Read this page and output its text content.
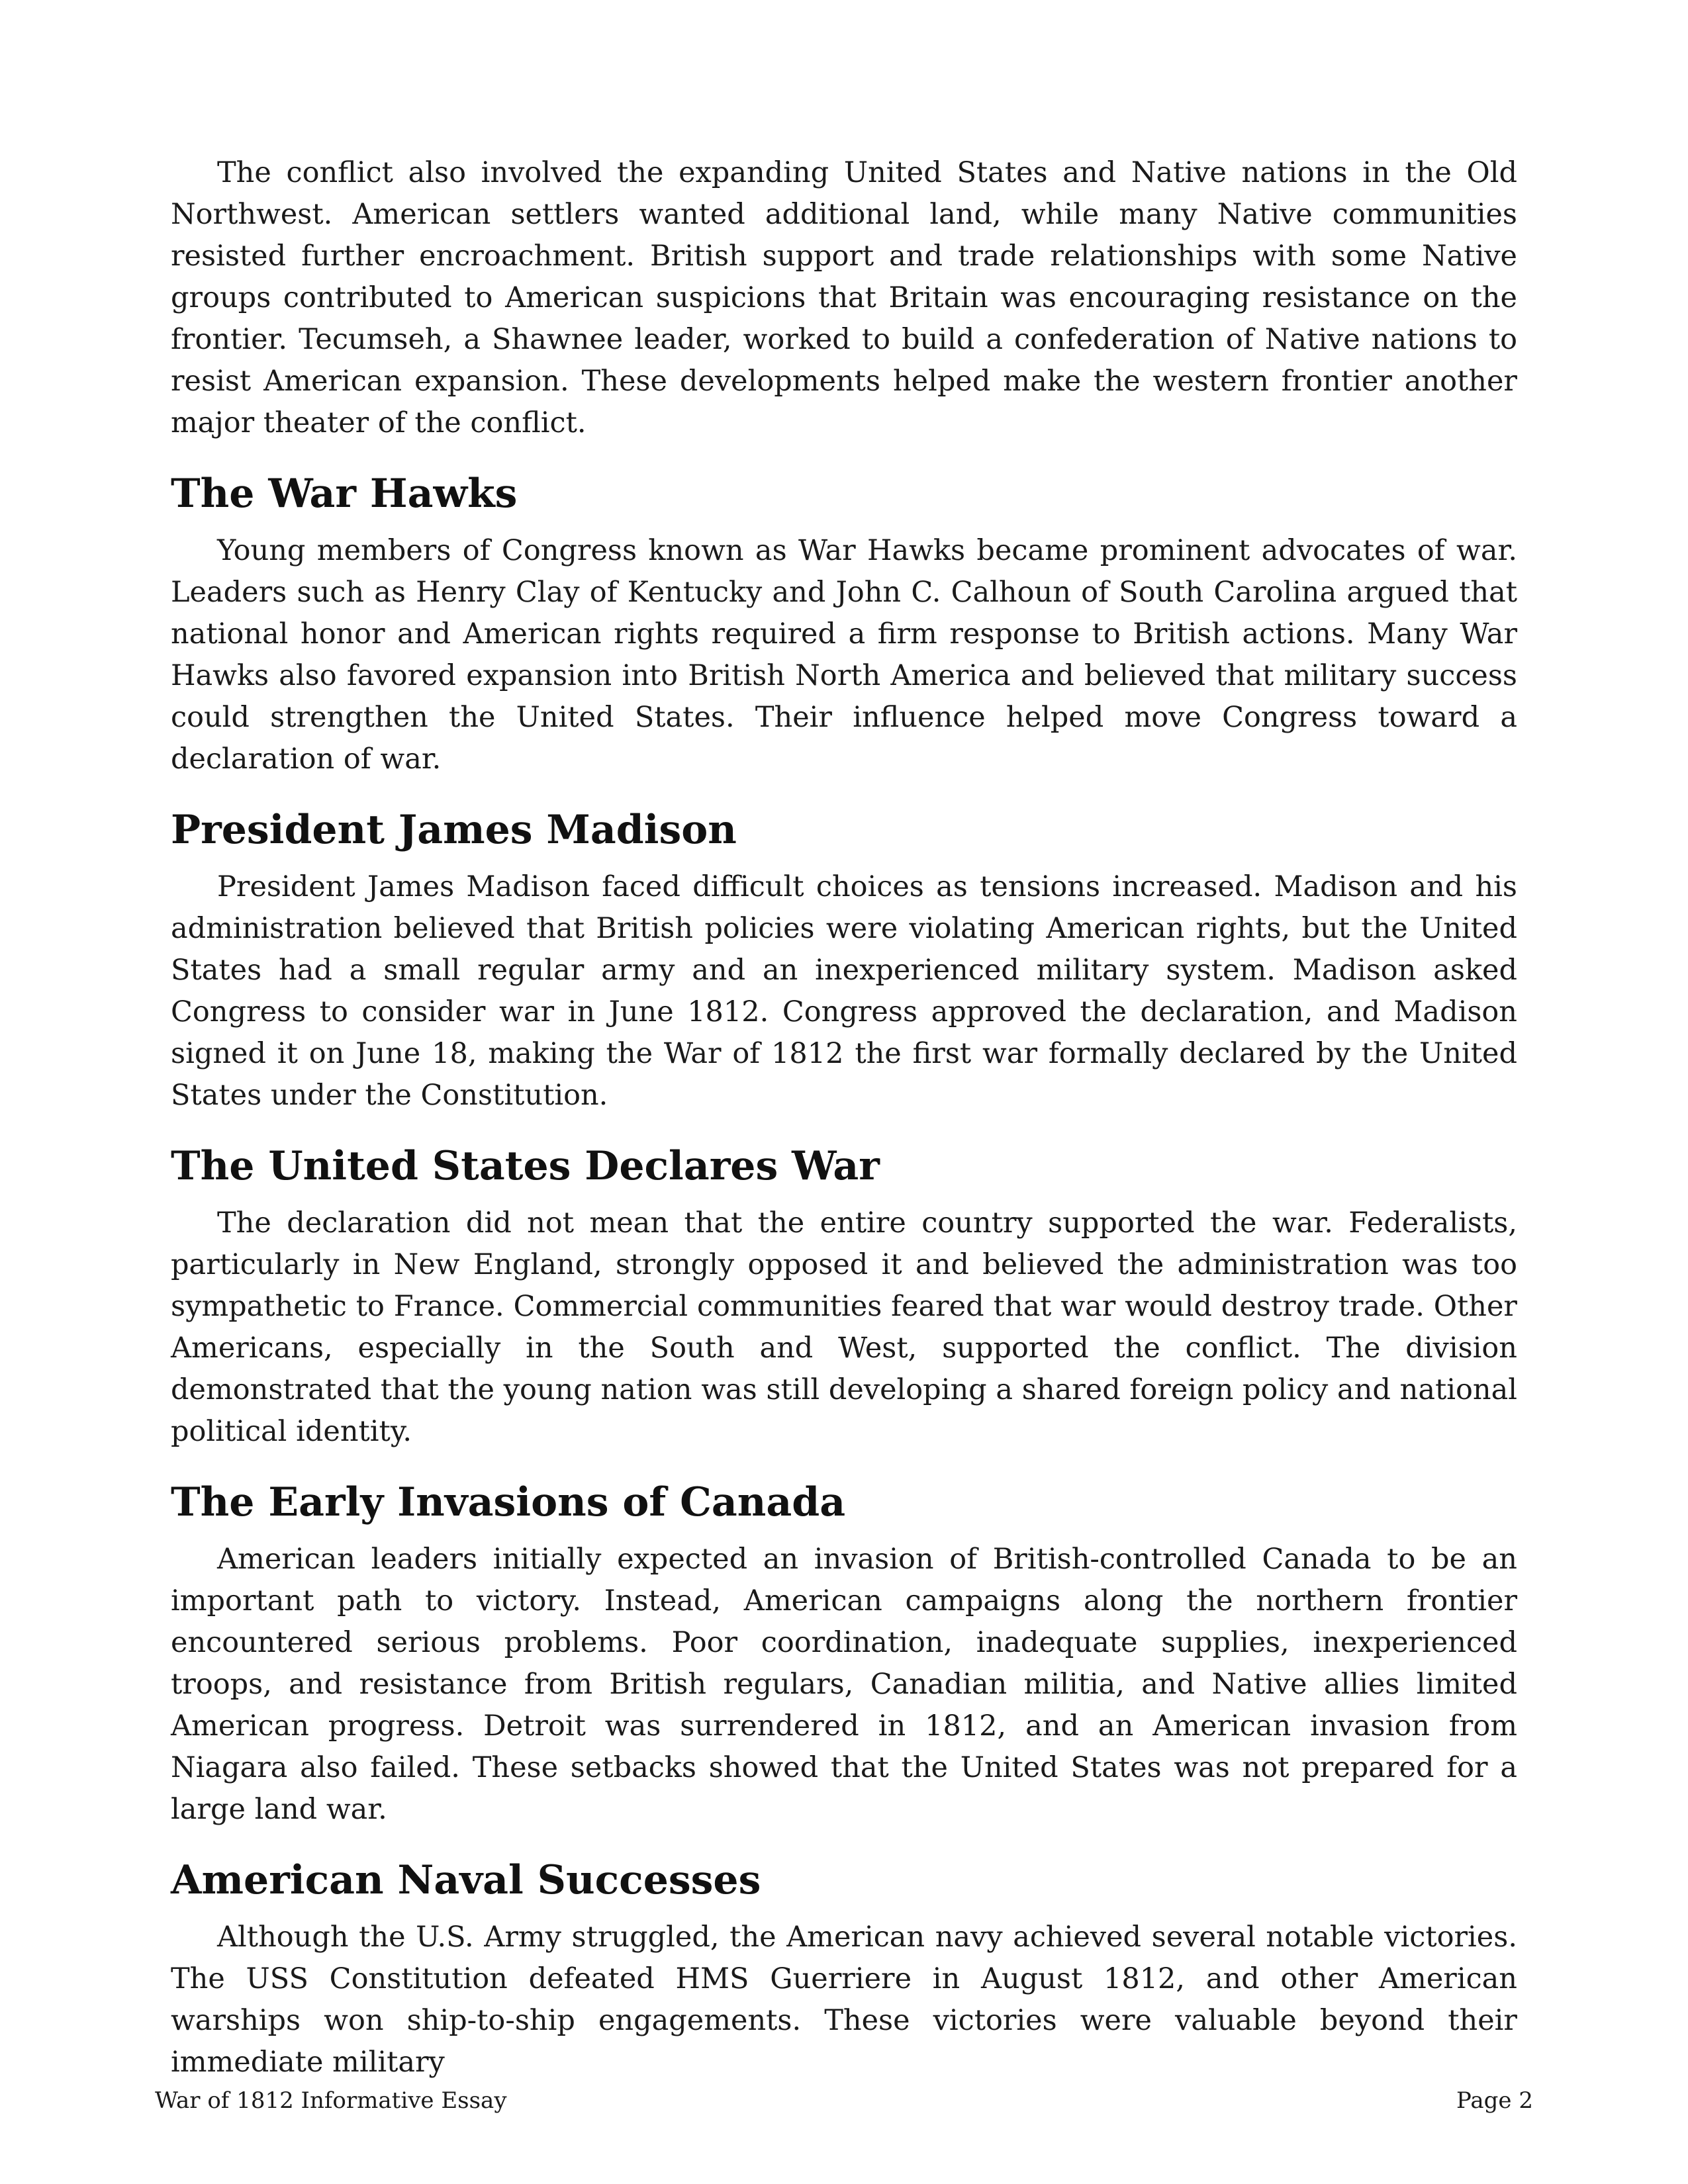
The conflict also involved the expanding United States and Native nations in the Old Northwest. American settlers wanted additional land, while many Native communities resisted further encroachment. British support and trade relationships with some Native groups contributed to American suspicions that Britain was encouraging resistance on the frontier. Tecumseh, a Shawnee leader, worked to build a confederation of Native nations to resist American expansion. These developments helped make the western frontier another major theater of the conflict.

The War Hawks

Young members of Congress known as War Hawks became prominent advocates of war. Leaders such as Henry Clay of Kentucky and John C. Calhoun of South Carolina argued that national honor and American rights required a firm response to British actions. Many War Hawks also favored expansion into British North America and believed that military success could strengthen the United States. Their influence helped move Congress toward a declaration of war.

President James Madison

President James Madison faced difficult choices as tensions increased. Madison and his administration believed that British policies were violating American rights, but the United States had a small regular army and an inexperienced military system. Madison asked Congress to consider war in June 1812. Congress approved the declaration, and Madison signed it on June 18, making the War of 1812 the first war formally declared by the United States under the Constitution.

The United States Declares War

The declaration did not mean that the entire country supported the war. Federalists, particularly in New England, strongly opposed it and believed the administration was too sympathetic to France. Commercial communities feared that war would destroy trade. Other Americans, especially in the South and West, supported the conflict. The division demonstrated that the young nation was still developing a shared foreign policy and national political identity.

The Early Invasions of Canada

American leaders initially expected an invasion of British-controlled Canada to be an important path to victory. Instead, American campaigns along the northern frontier encountered serious problems. Poor coordination, inadequate supplies, inexperienced troops, and resistance from British regulars, Canadian militia, and Native allies limited American progress. Detroit was surrendered in 1812, and an American invasion from Niagara also failed. These setbacks showed that the United States was not prepared for a large land war.

American Naval Successes

Although the U.S. Army struggled, the American navy achieved several notable victories. The USS Constitution defeated HMS Guerriere in August 1812, and other American warships won ship-to-ship engagements. These victories were valuable beyond their immediate military

War of 1812 Informative Essay	Page 2
